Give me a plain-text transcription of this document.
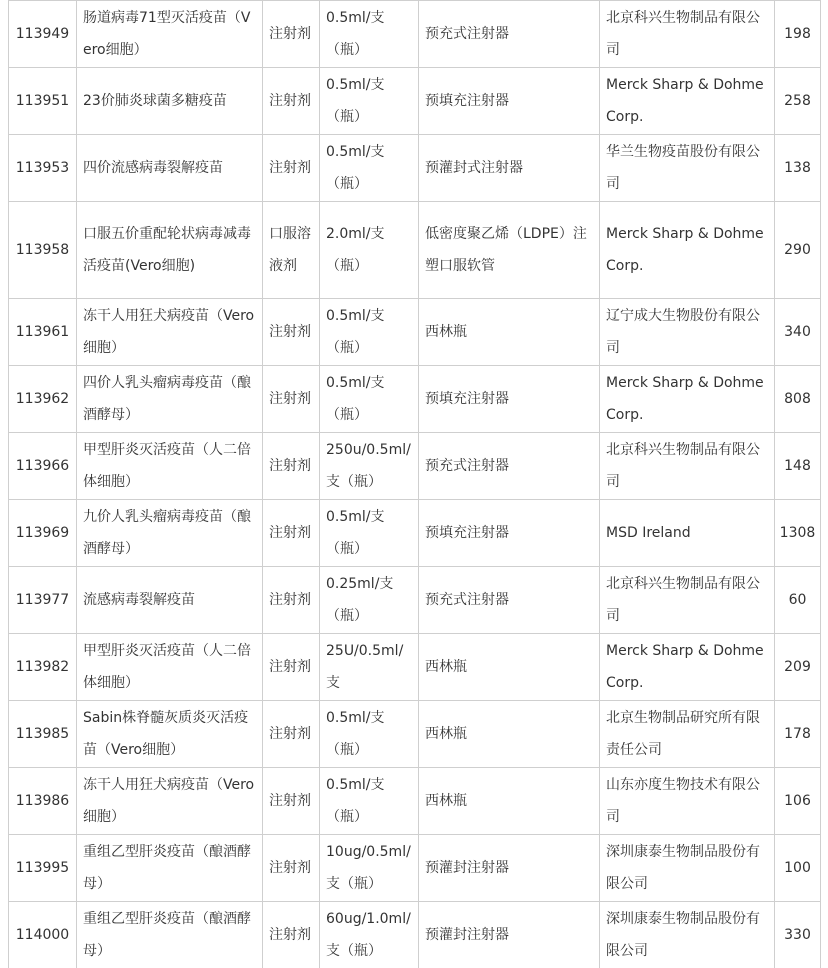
113949	肠道病毒71型灭活疫苗（Vero细胞）	注射剂	0.5ml/支（瓶）	预充式注射器	北京科兴生物制品有限公司	198
113951	23价肺炎球菌多糖疫苗	注射剂	0.5ml/支（瓶）	预填充注射器	Merck Sharp & Dohme Corp.	258
113953	四价流感病毒裂解疫苗	注射剂	0.5ml/支（瓶）	预灌封式注射器	华兰生物疫苗股份有限公司	138
113958	口服五价重配轮状病毒减毒活疫苗(Vero细胞)	口服溶液剂	2.0ml/支（瓶）	低密度聚乙烯（LDPE）注塑口服软管	Merck Sharp & Dohme Corp.	290
113961	冻干人用狂犬病疫苗（Vero细胞）	注射剂	0.5ml/支（瓶）	西林瓶	辽宁成大生物股份有限公司	340
113962	四价人乳头瘤病毒疫苗（酿酒酵母）	注射剂	0.5ml/支（瓶）	预填充注射器	Merck Sharp & Dohme Corp.	808
113966	甲型肝炎灭活疫苗（人二倍体细胞）	注射剂	250u/0.5ml/支（瓶）	预充式注射器	北京科兴生物制品有限公司	148
113969	九价人乳头瘤病毒疫苗（酿酒酵母）	注射剂	0.5ml/支（瓶）	预填充注射器	MSD Ireland	1308
113977	流感病毒裂解疫苗	注射剂	0.25ml/支（瓶）	预充式注射器	北京科兴生物制品有限公司	60
113982	甲型肝炎灭活疫苗（人二倍体细胞）	注射剂	25U/0.5ml/支	西林瓶	Merck Sharp & Dohme Corp.	209
113985	Sabin株脊髓灰质炎灭活疫苗（Vero细胞）	注射剂	0.5ml/支（瓶）	西林瓶	北京生物制品研究所有限责任公司	178
113986	冻干人用狂犬病疫苗（Vero细胞）	注射剂	0.5ml/支（瓶）	西林瓶	山东亦度生物技术有限公司	106
113995	重组乙型肝炎疫苗（酿酒酵母）	注射剂	10ug/0.5ml/支（瓶）	预灌封注射器	深圳康泰生物制品股份有限公司	100
114000	重组乙型肝炎疫苗（酿酒酵母）	注射剂	60ug/1.0ml/支（瓶）	预灌封注射器	深圳康泰生物制品股份有限公司	330
